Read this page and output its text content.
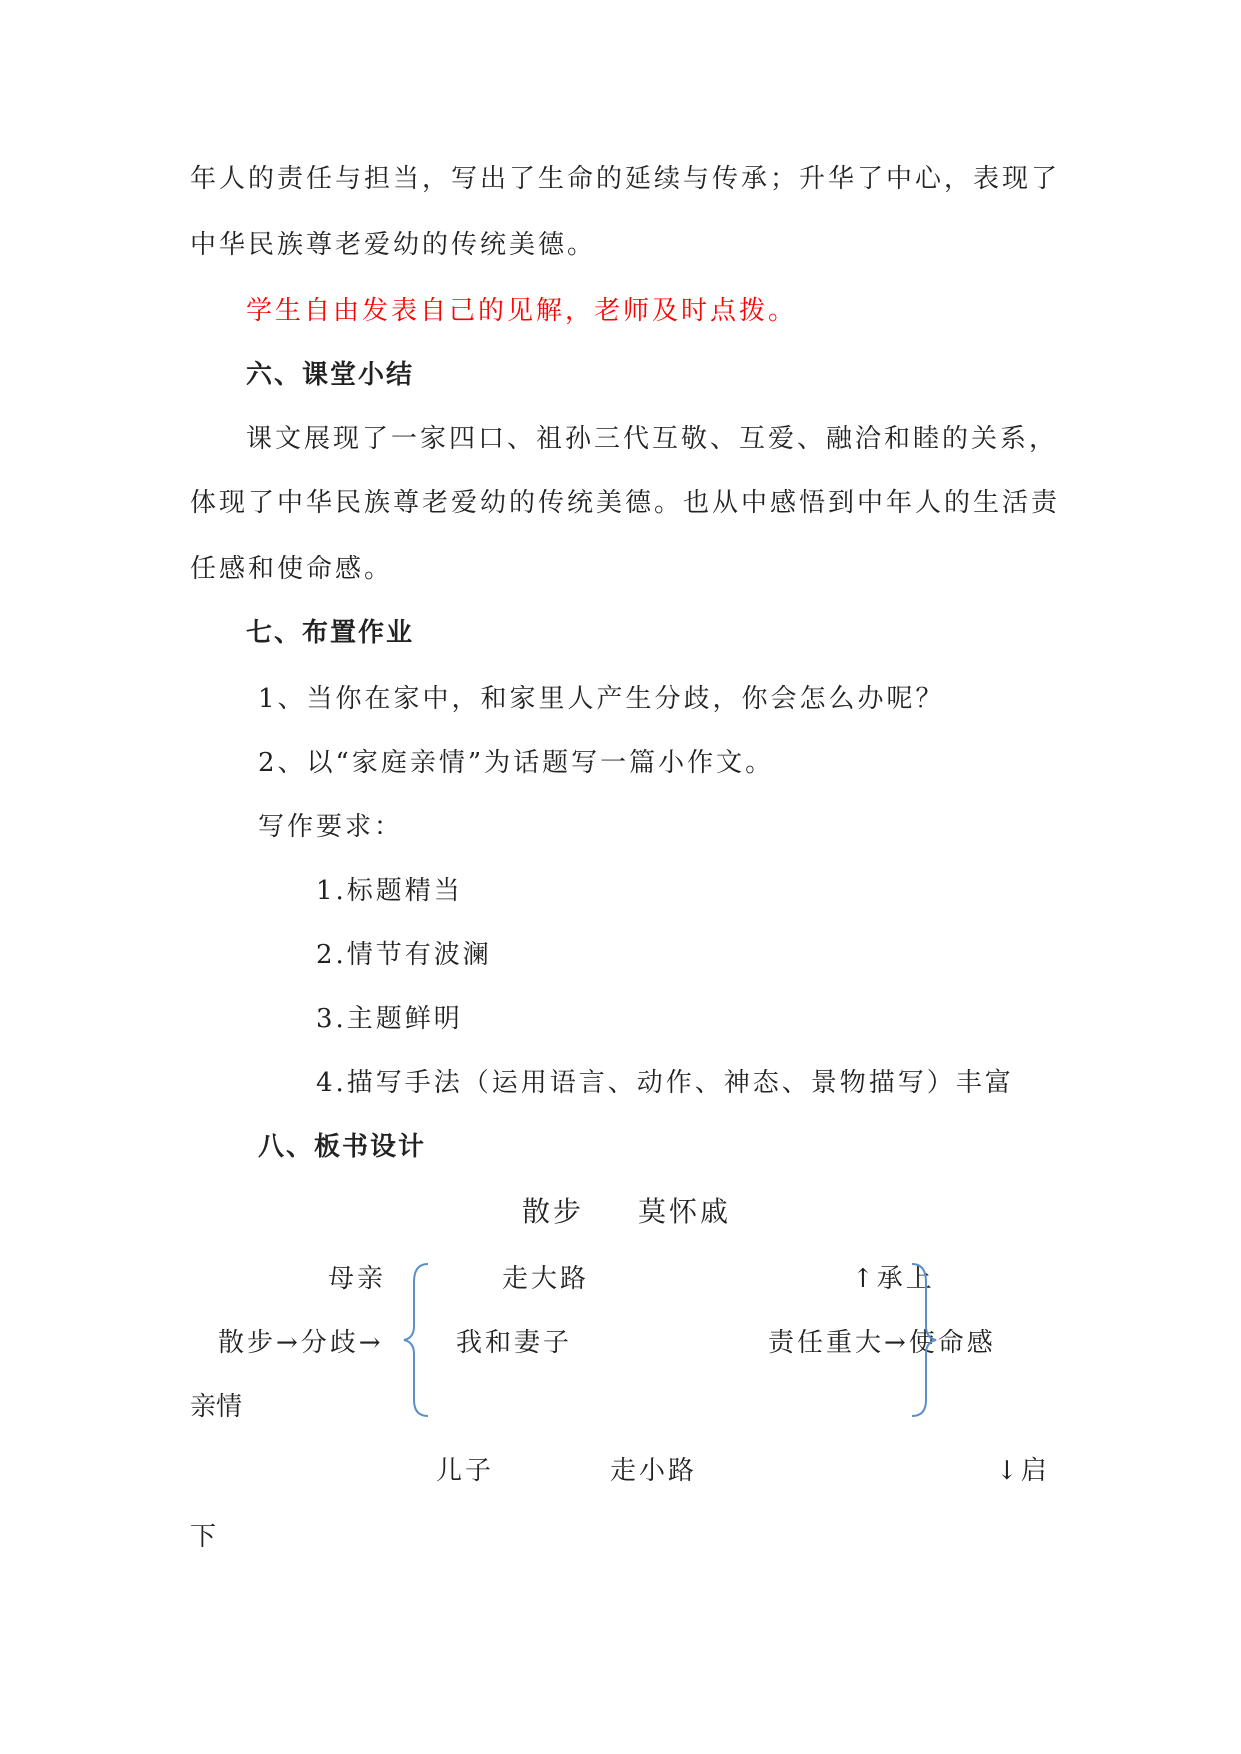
年人的责任与担当，写出了生命的延续与传承；升华了中心，表现了
中华民族尊老爱幼的传统美德。
学生自由发表自己的见解，老师及时点拨。
六、课堂小结
课文展现了一家四口、祖孙三代互敬、互爱、融洽和睦的关系，
体现了中华民族尊老爱幼的传统美德。也从中感悟到中年人的生活责
任感和使命感。
七、布置作业
1、当你在家中，和家里人产生分歧，你会怎么办呢？
2、以“家庭亲情”为话题写一篇小作文。
写作要求：
1.标题精当
2.情节有波澜
3.主题鲜明
4.描写手法（运用语言、动作、神态、景物描写）丰富
八、板书设计
散步 莫怀戚
母亲	走大路	↑承上
散步→分歧→	我和妻子	责任重大→使命感
亲情
儿子	走小路	↓启
下
